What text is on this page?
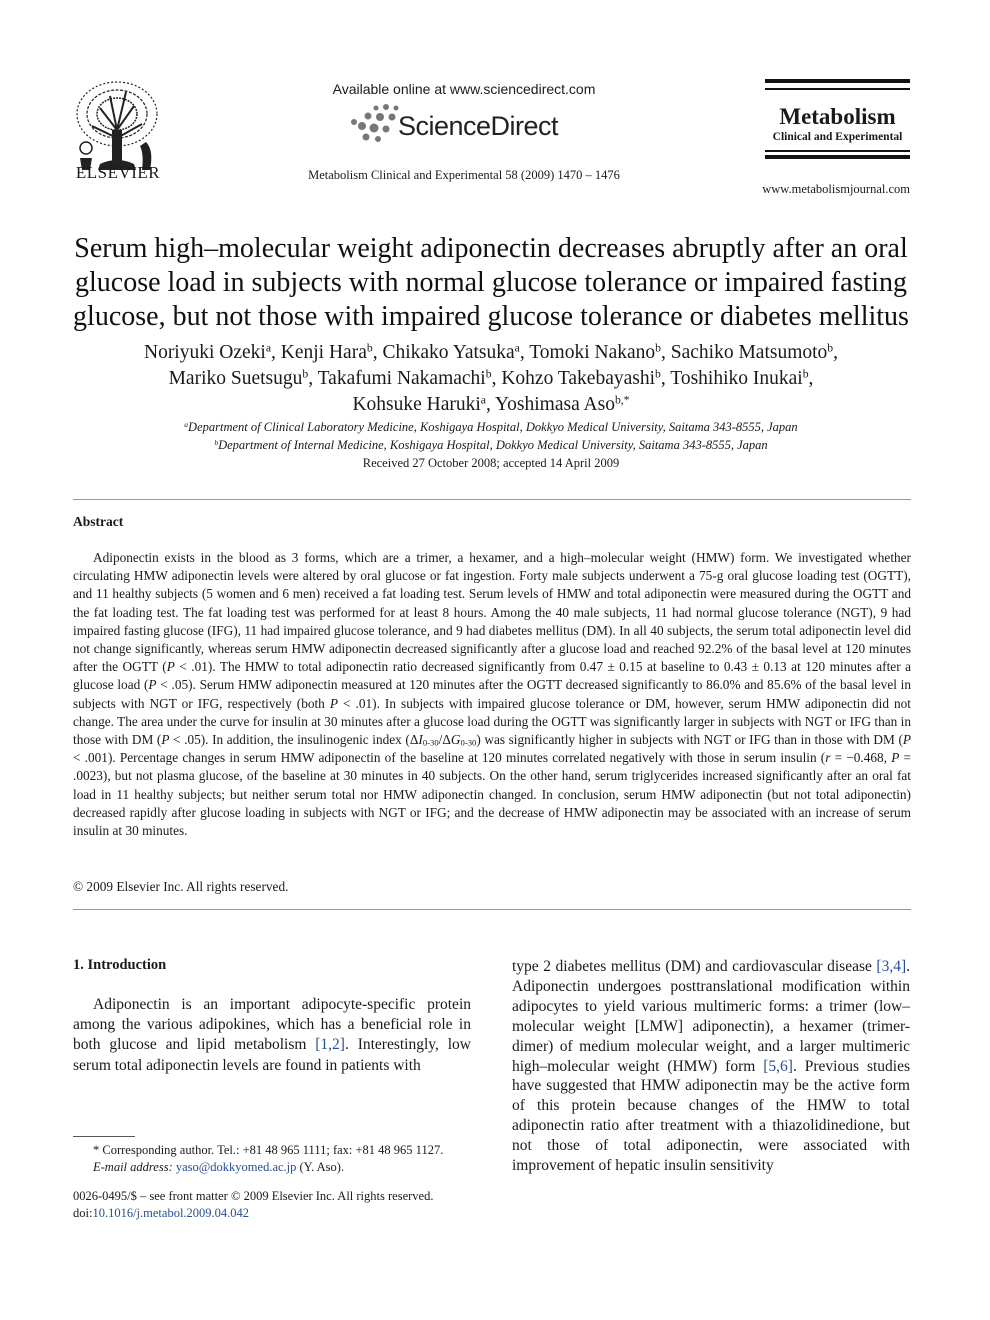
ELSEVIER
Available online at www.sciencedirect.com
ScienceDirect
Metabolism Clinical and Experimental 58 (2009) 1470 – 1476
Metabolism
Clinical and Experimental
www.metabolismjournal.com
Serum high–molecular weight adiponectin decreases abruptly after an oral glucose load in subjects with normal glucose tolerance or impaired fasting glucose, but not those with impaired glucose tolerance or diabetes mellitus
Noriyuki Ozeki$^a$, Kenji Hara$^b$, Chikako Yatsuka$^a$, Tomoki Nakano$^b$, Sachiko Matsumoto$^b$,
Mariko Suetsugu$^b$, Takafumi Nakamachi$^b$, Kohzo Takebayashi$^b$, Toshihiko Inukai$^b$,
Kohsuke Haruki$^a$, Yoshimasa Aso$^{b,*}$
$^a$Department of Clinical Laboratory Medicine, Koshigaya Hospital, Dokkyo Medical University, Saitama 343-8555, Japan
$^b$Department of Internal Medicine, Koshigaya Hospital, Dokkyo Medical University, Saitama 343-8555, Japan
Received 27 October 2008; accepted 14 April 2009
Abstract
Adiponectin exists in the blood as 3 forms, which are a trimer, a hexamer, and a high–molecular weight (HMW) form. We investigated whether circulating HMW adiponectin levels were altered by oral glucose or fat ingestion. Forty male subjects underwent a 75-g oral glucose loading test (OGTT), and 11 healthy subjects (5 women and 6 men) received a fat loading test. Serum levels of HMW and total adiponectin were measured during the OGTT and the fat loading test. The fat loading test was performed for at least 8 hours. Among the 40 male subjects, 11 had normal glucose tolerance (NGT), 9 had impaired fasting glucose (IFG), 11 had impaired glucose tolerance, and 9 had diabetes mellitus (DM). In all 40 subjects, the serum total adiponectin level did not change significantly, whereas serum HMW adiponectin decreased significantly after a glucose load and reached 92.2% of the basal level at 120 minutes after the OGTT (P < .01). The HMW to total adiponectin ratio decreased significantly from 0.47 ± 0.15 at baseline to 0.43 ± 0.13 at 120 minutes after a glucose load (P < .05). Serum HMW adiponectin measured at 120 minutes after the OGTT decreased significantly to 86.0% and 85.6% of the basal level in subjects with NGT or IFG, respectively (both P < .01). In subjects with impaired glucose tolerance or DM, however, serum HMW adiponectin did not change. The area under the curve for insulin at 30 minutes after a glucose load during the OGTT was significantly larger in subjects with NGT or IFG than in those with DM (P < .05). In addition, the insulinogenic index $(\Delta I_{0-30}/\Delta G_{0-30})$ was significantly higher in subjects with NGT or IFG than in those with DM (P < .001). Percentage changes in serum HMW adiponectin of the baseline at 120 minutes correlated negatively with those in serum insulin (r = −0.468, P = .0023), but not plasma glucose, of the baseline at 30 minutes in 40 subjects. On the other hand, serum triglycerides increased significantly after an oral fat load in 11 healthy subjects; but neither serum total nor HMW adiponectin changed. In conclusion, serum HMW adiponectin (but not total adiponectin) decreased rapidly after glucose loading in subjects with NGT or IFG; and the decrease of HMW adiponectin may be associated with an increase of serum insulin at 30 minutes.
© 2009 Elsevier Inc. All rights reserved.
1. Introduction
Adiponectin is an important adipocyte-specific protein among the various adipokines, which has a beneficial role in both glucose and lipid metabolism [1,2]. Interestingly, low serum total adiponectin levels are found in patients with
* Corresponding author. Tel.: +81 48 965 1111; fax: +81 48 965 1127.
E-mail address: yaso@dokkyomed.ac.jp (Y. Aso).
0026-0495/$ – see front matter © 2009 Elsevier Inc. All rights reserved.
doi:10.1016/j.metabol.2009.04.042
type 2 diabetes mellitus (DM) and cardiovascular disease [3,4]. Adiponectin undergoes posttranslational modification within adipocytes to yield various multimeric forms: a trimer (low–molecular weight [LMW] adiponectin), a hexamer (trimer-dimer) of medium molecular weight, and a larger multimeric high–molecular weight (HMW) form [5,6]. Previous studies have suggested that HMW adiponectin may be the active form of this protein because changes of the HMW to total adiponectin ratio after treatment with a thiazolidinedione, but not those of total adiponectin, were associated with improvement of hepatic insulin sensitivity
